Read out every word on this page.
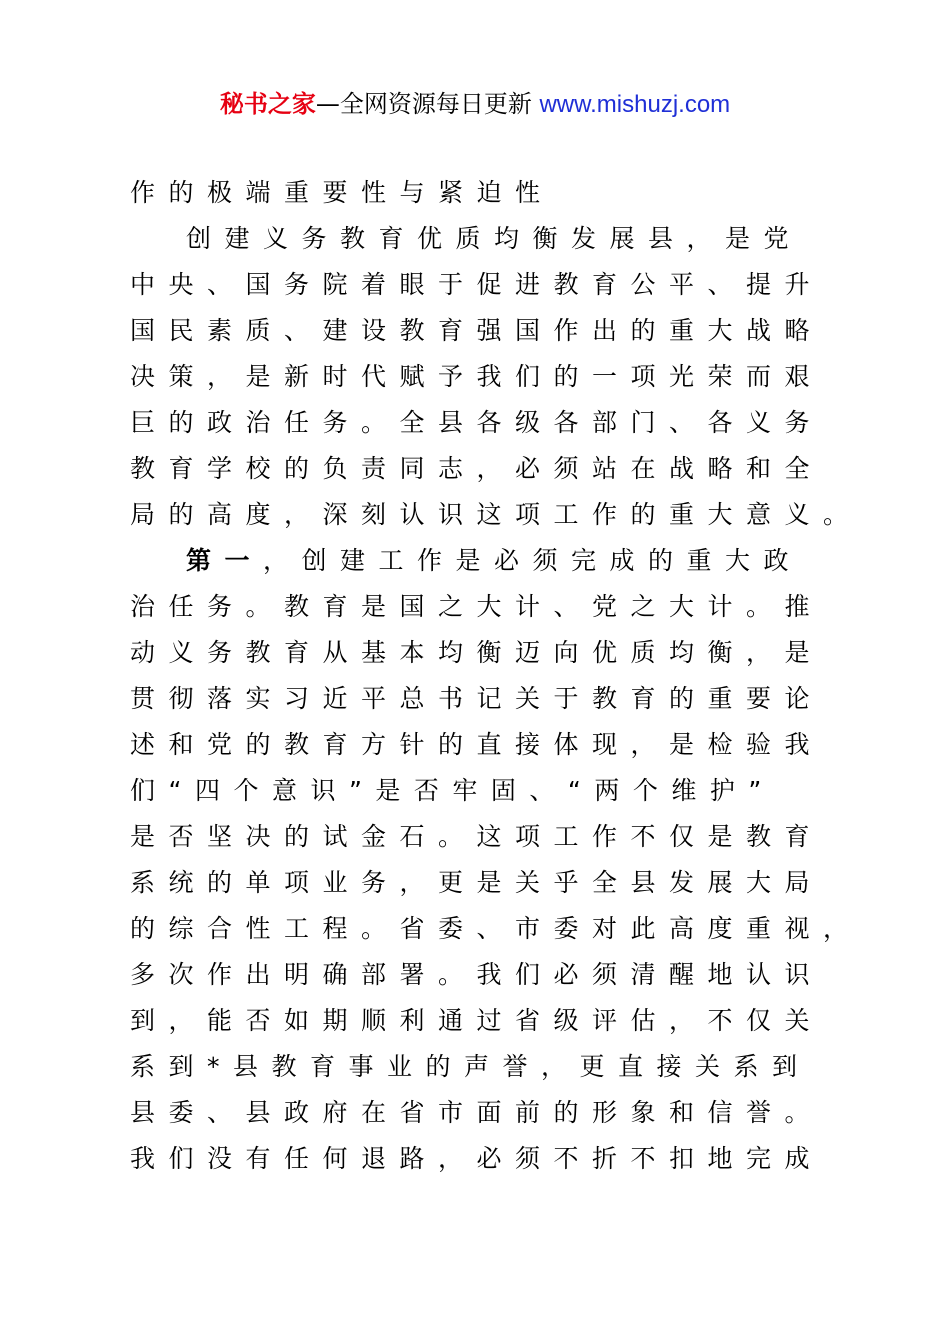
秘书之家—全网资源每日更新 www.mishuzj.com
作的极端重要性与紧迫性
创建义务教育优质均衡发展县，是党
中央、国务院着眼于促进教育公平、提升
国民素质、建设教育强国作出的重大战略
决策，是新时代赋予我们的一项光荣而艰
巨的政治任务。全县各级各部门、各义务
教育学校的负责同志，必须站在战略和全
局的高度，深刻认识这项工作的重大意义。
第一，创建工作是必须完成的重大政
治任务。教育是国之大计、党之大计。推
动义务教育从基本均衡迈向优质均衡，是
贯彻落实习近平总书记关于教育的重要论
述和党的教育方针的直接体现，是检验我
们“四个意识”是否牢固、“两个维护”
是否坚决的试金石。这项工作不仅是教育
系统的单项业务，更是关乎全县发展大局
的综合性工程。省委、市委对此高度重视，
多次作出明确部署。我们必须清醒地认识
到，能否如期顺利通过省级评估，不仅关
系到*县教育事业的声誉，更直接关系到
县委、县政府在省市面前的形象和信誉。
我们没有任何退路，必须不折不扣地完成
